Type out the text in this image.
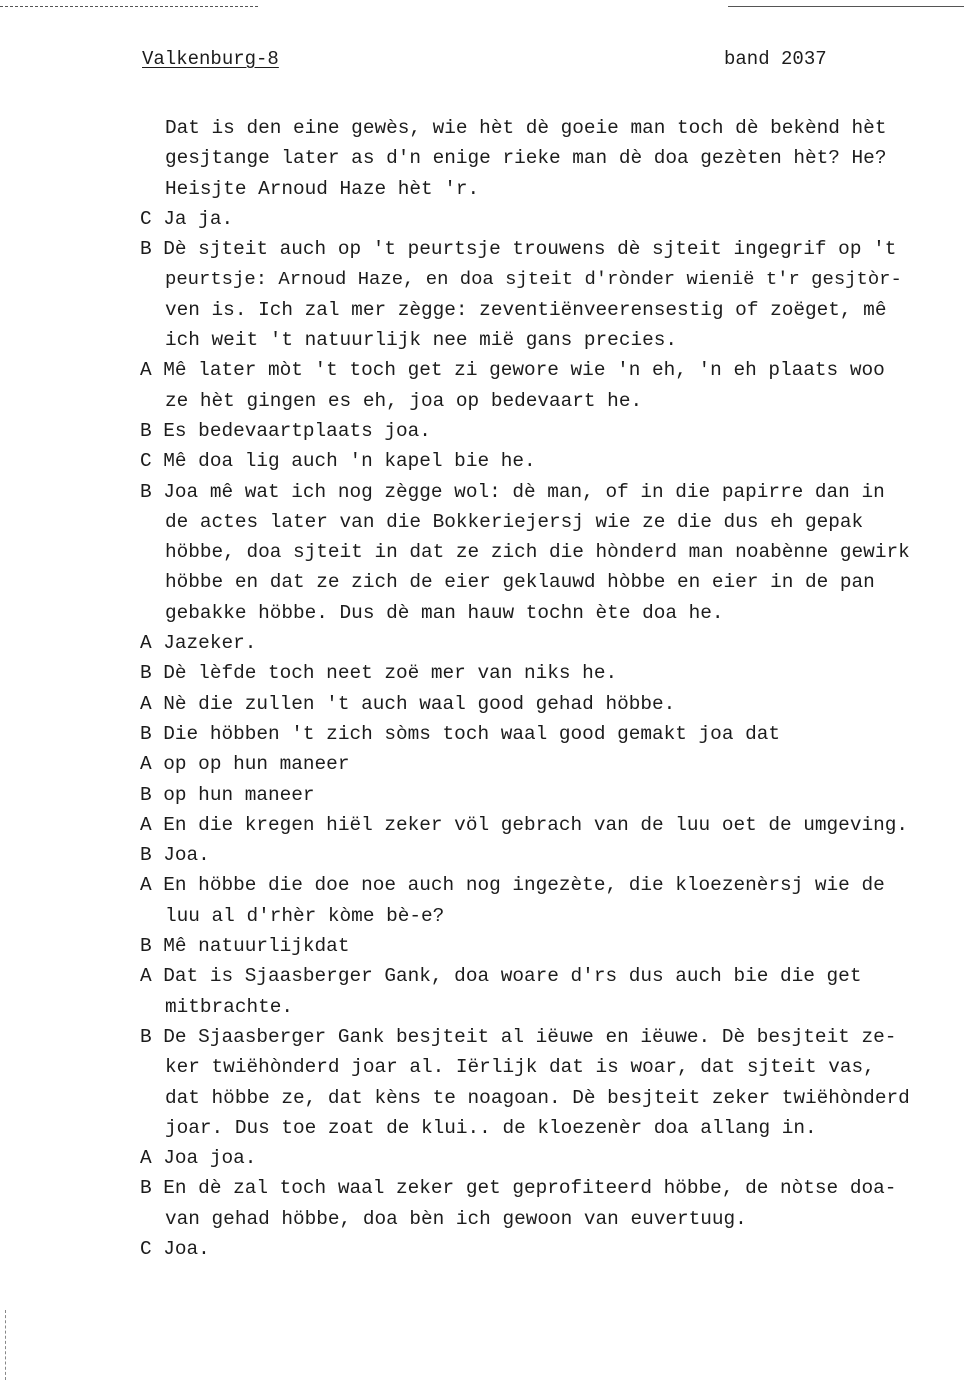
Valkenburg-8	band 2037
Dat is den eine gewès, wie hèt dè goeie man toch dè bekènd hèt
gesjtange later as d'n enige rieke man dè doa gezèten hèt? He?
Heisjte Arnoud Haze hèt 'r.
C Ja ja.
B Dè sjteit auch op 't peurtsje trouwens dè sjteit ingegrif op 't
peurtsje: Arnoud Haze, en doa sjteit d'rònder wienië t'r gesjtòr-
ven is. Ich zal mer zègge: zeventiënveerensestig of zoëget, mê
ich weit 't natuurlijk nee mië gans precies.
A Mê later mòt 't toch get zi gewore wie 'n eh, 'n eh plaats woo
ze hèt gingen es eh, joa op bedevaart he.
B Es bedevaartplaats joa.
C Mê doa lig auch 'n kapel bie he.
B Joa mê wat ich nog zègge wol: dè man, of in die papirre dan in
de actes later van die Bokkeriejersj wie ze die dus eh gepak
höbbe, doa sjteit in dat ze zich die hònderd man noabènne gewirk
höbbe en dat ze zich de eier geklauwd hòbbe en eier in de pan
gebakke höbbe. Dus dè man hauw tochn ète doa he.
A Jazeker.
B Dè lèfde toch neet zoë mer van niks he.
A Nè die zullen 't auch waal good gehad höbbe.
B Die höbben 't zich sòms toch waal good gemakt joa dat
A op op hun maneer
B op hun maneer
A En die kregen hiël zeker völ gebrach van de luu oet de umgeving.
B Joa.
A En höbbe die doe noe auch nog ingezète, die kloezenèrsj wie de
luu al d'rhèr kòme bè-e?
B Mê natuurlijkdat
A Dat is Sjaasberger Gank, doa woare d'rs dus auch bie die get
mitbrachte.
B De Sjaasberger Gank besjteit al iëuwe en iëuwe. Dè besjteit ze-
ker twiëhònderd joar al. Iërlijk dat is woar, dat sjteit vas,
dat höbbe ze, dat kèns te noagoan. Dè besjteit zeker twiëhònderd
joar. Dus toe zoat de klui.. de kloezenèr doa allang in.
A Joa joa.
B En dè zal toch waal zeker get geprofiteerd höbbe, de nòtse doa-
van gehad höbbe, doa bèn ich gewoon van euvertuug.
C Joa.
